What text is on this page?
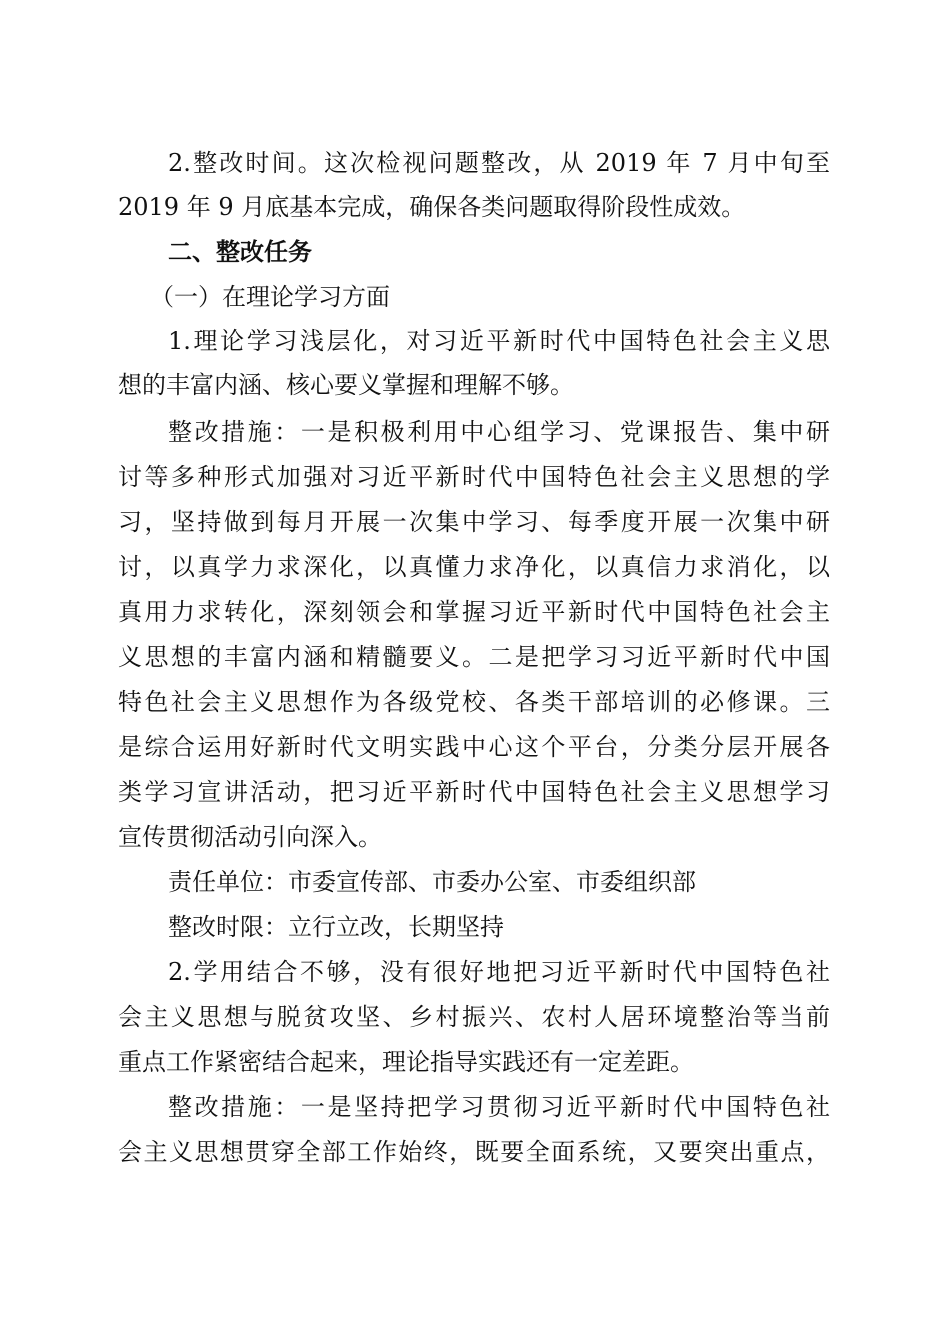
2.整改时间。这次检视问题整改，从 2019 年 7 月中旬至
2019 年 9 月底基本完成，确保各类问题取得阶段性成效。
二、整改任务
（一）在理论学习方面
1.理论学习浅层化，对习近平新时代中国特色社会主义思
想的丰富内涵、核心要义掌握和理解不够。
整改措施：一是积极利用中心组学习、党课报告、集中研
讨等多种形式加强对习近平新时代中国特色社会主义思想的学
习，坚持做到每月开展一次集中学习、每季度开展一次集中研
讨，以真学力求深化，以真懂力求净化，以真信力求消化，以
真用力求转化，深刻领会和掌握习近平新时代中国特色社会主
义思想的丰富内涵和精髓要义。二是把学习习近平新时代中国
特色社会主义思想作为各级党校、各类干部培训的必修课。三
是综合运用好新时代文明实践中心这个平台，分类分层开展各
类学习宣讲活动，把习近平新时代中国特色社会主义思想学习
宣传贯彻活动引向深入。
责任单位：市委宣传部、市委办公室、市委组织部
整改时限：立行立改，长期坚持
2.学用结合不够，没有很好地把习近平新时代中国特色社
会主义思想与脱贫攻坚、乡村振兴、农村人居环境整治等当前
重点工作紧密结合起来，理论指导实践还有一定差距。
整改措施：一是坚持把学习贯彻习近平新时代中国特色社
会主义思想贯穿全部工作始终，既要全面系统，又要突出重点，
